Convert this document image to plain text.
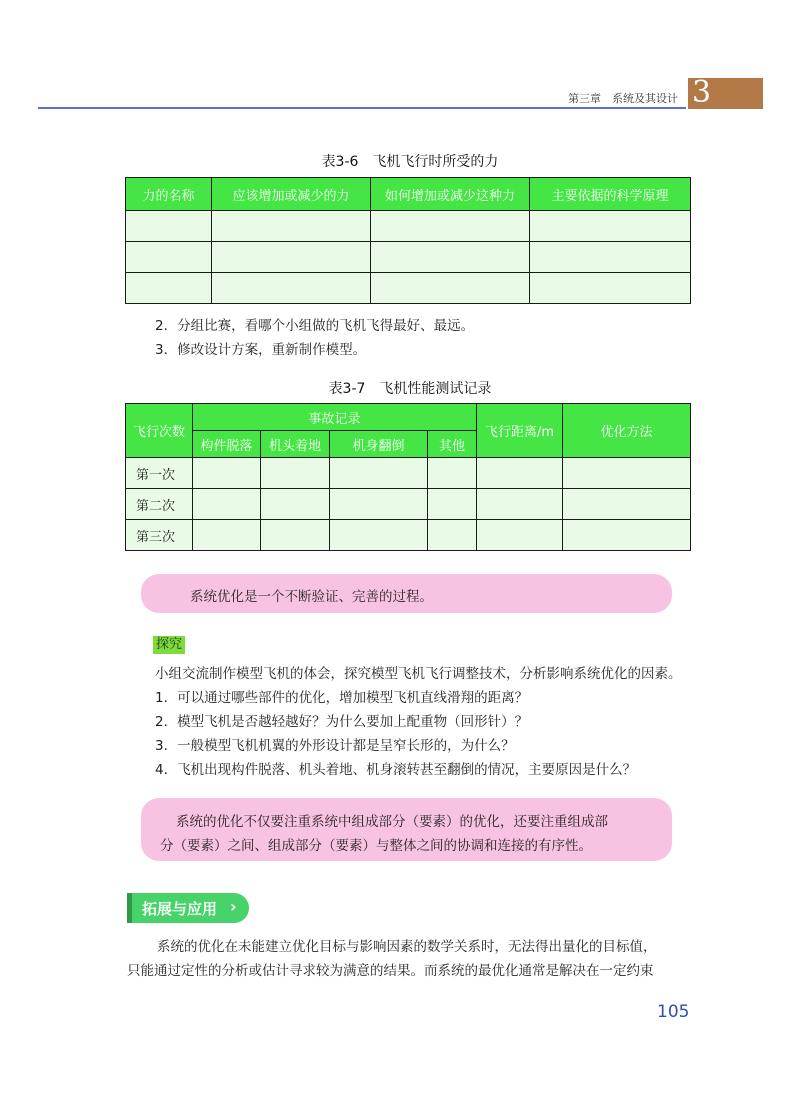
第三章　系统及其设计 3
表3-6　飞机飞行时所受的力
力的名称	应该增加或减少的力	如何增加或减少这种力	主要依据的科学原理

2．分组比赛，看哪个小组做的飞机飞得最好、最远。
3．修改设计方案，重新制作模型。
表3-7　飞机性能测试记录
飞行次数	事故记录				飞行距离/m	优化方法
	构件脱落	机头着地	机身翻倒	其他		
第一次						
第二次						
第三次						
系统优化是一个不断验证、完善的过程。
探究
小组交流制作模型飞机的体会，探究模型飞机飞行调整技术，分析影响系统优化的因素。
1．可以通过哪些部件的优化，增加模型飞机直线滑翔的距离？
2．模型飞机是否越轻越好？为什么要加上配重物（回形针）？
3．一般模型飞机机翼的外形设计都是呈窄长形的，为什么？
4．飞机出现构件脱落、机头着地、机身滚转甚至翻倒的情况，主要原因是什么？
系统的优化不仅要注重系统中组成部分（要素）的优化，还要注重组成部
分（要素）之间、组成部分（要素）与整体之间的协调和连接的有序性。
拓展与应用 ›
系统的优化在未能建立优化目标与影响因素的数学关系时，无法得出量化的目标值，
只能通过定性的分析或估计寻求较为满意的结果。而系统的最优化通常是解决在一定约束
105
